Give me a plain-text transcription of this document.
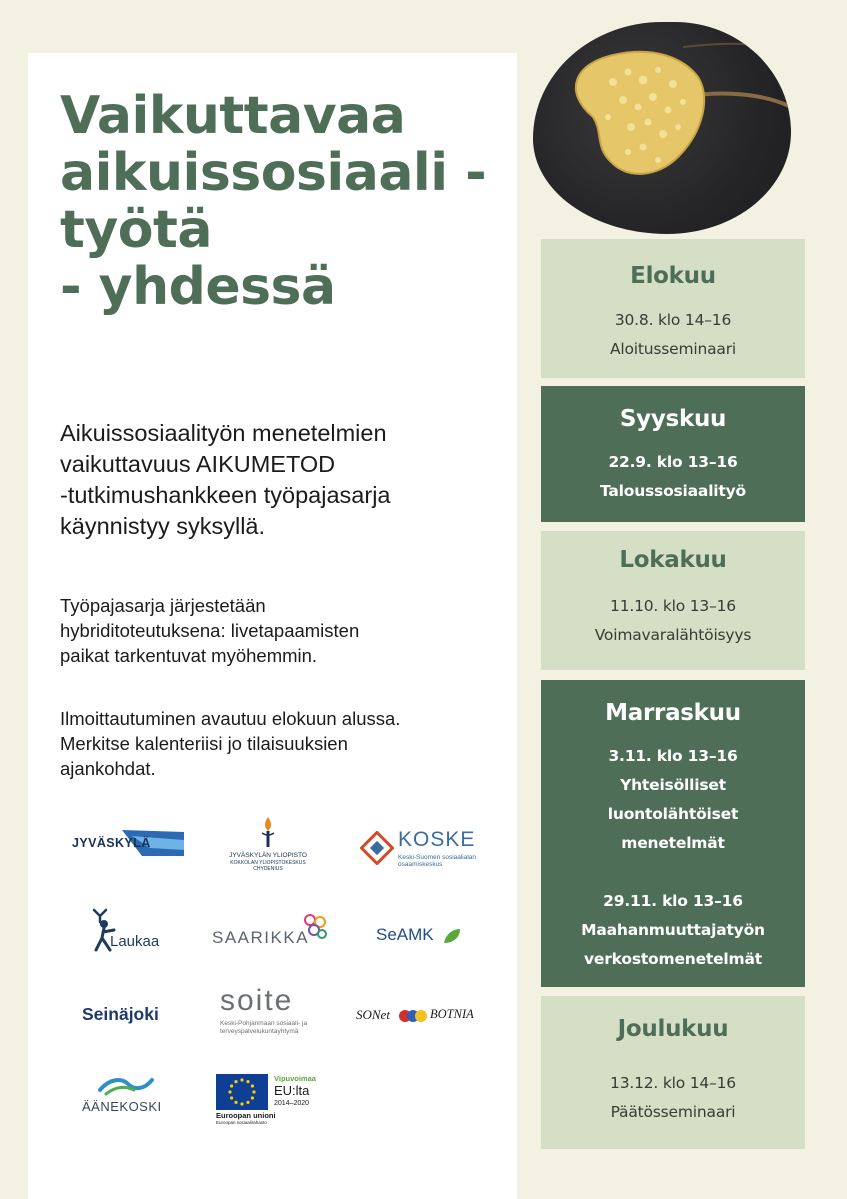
Vaikuttavaa
aikuissosiaali -
työtä
- yhdessä

Aikuissosiaalityön menetelmien
vaikuttavuus AIKUMETOD
-tutkimushankkeen työpajasarja
käynnistyy syksyllä.

Työpajasarja järjestetään
hybriditoteutuksena: livetapaamisten
paikat tarkentuvat myöhemmin.

Ilmoittautuminen avautuu elokuun alussa.
Merkitse kalenteriisi jo tilaisuuksien
ajankohdat.

Elokuu
30.8. klo 14–16
Aloitusseminaari
Syyskuu
22.9. klo 13–16
Taloussosiaalityö
Lokakuu
11.10. klo 13–16
Voimavaralähtöisyys
Marraskuu
3.11. klo 13–16
Yhteisölliset
luontolähtöiset
menetelmät
29.11. klo 13–16
Maahanmuuttajatyön
verkostomenetelmät
Joulukuu
13.12. klo 14–16
Päätösseminaari
JYVÄSKYLÄ
JYVÄSKYLÄN YLIOPISTO
KOKKOLAN YLIOPISTOKESKUS
CHYDENIUS
KOSKE
Keski-Suomen sosiaalialan
osaamiskeskus
Laukaa	SAARIKKA	SeAMK
Seinäjoki soite
Keski-Pohjanmaan sosiaali- ja
terveyspalvelukuntayhtymä
SONet	BOTNIA
ÄÄNEKOSKI
Euroopan unioni
Euroopan sosiaalirahasto
Vipuvoimaa
EU:lta
2014–2020
